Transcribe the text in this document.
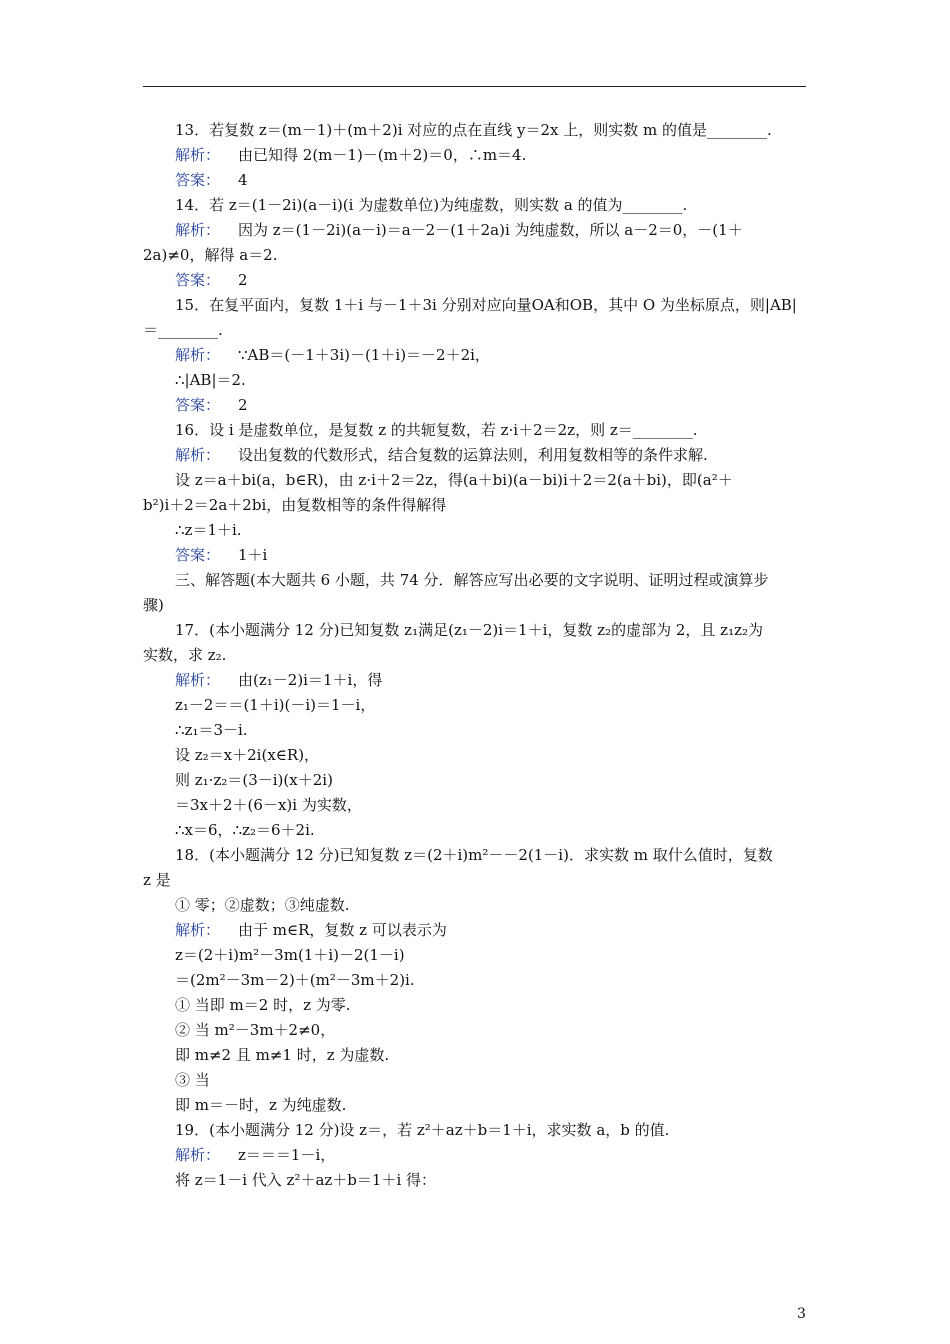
13．若复数 z＝(m－1)＋(m＋2)i 对应的点在直线 y＝2x 上，则实数 m 的值是________.
解析： 由已知得 2(m－1)－(m＋2)＝0，∴m＝4.
答案： 4
14．若 z＝(1－2i)(a－i)(i 为虚数单位)为纯虚数，则实数 a 的值为________.
解析： 因为 z＝(1－2i)(a－i)＝a－2－(1＋2a)i 为纯虚数，所以 a－2＝0，－(1＋
2a)≠0，解得 a＝2.
答案： 2
15．在复平面内，复数 1＋i 与－1＋3i 分别对应向量OA和OB，其中 O 为坐标原点，则|AB|
＝________.
解析： ∵AB＝(－1＋3i)－(1＋i)＝－2＋2i，
∴|AB|＝2.
答案： 2
16．设 i 是虚数单位，是复数 z 的共轭复数，若 z·i＋2＝2z，则 z＝________.
解析： 设出复数的代数形式，结合复数的运算法则，利用复数相等的条件求解.
设 z＝a＋bi(a，b∈R)，由 z·i＋2＝2z，得(a＋bi)(a－bi)i＋2＝2(a＋bi)，即(a²＋
b²)i＋2＝2a＋2bi，由复数相等的条件得解得
∴z＝1＋i.
答案： 1＋i
三、解答题(本大题共 6 小题，共 74 分．解答应写出必要的文字说明、证明过程或演算步
骤)
17．(本小题满分 12 分)已知复数 z₁满足(z₁－2)i＝1＋i，复数 z₂的虚部为 2，且 z₁z₂为
实数，求 z₂.
解析： 由(z₁－2)i＝1＋i，得
z₁－2＝＝(1＋i)(－i)＝1－i，
∴z₁＝3－i.
设 z₂＝x＋2i(x∈R)，
则 z₁·z₂＝(3－i)(x＋2i)
＝3x＋2＋(6－x)i 为实数，
∴x＝6，∴z₂＝6＋2i.
18．(本小题满分 12 分)已知复数 z＝(2＋i)m²－－2(1－i)．求实数 m 取什么值时，复数
z 是
① 零；②虚数；③纯虚数.
解析： 由于 m∈R，复数 z 可以表示为
z＝(2＋i)m²－3m(1＋i)－2(1－i)
＝(2m²－3m－2)＋(m²－3m＋2)i.
① 当即 m＝2 时，z 为零.
② 当 m²－3m＋2≠0，
即 m≠2 且 m≠1 时，z 为虚数.
③ 当
即 m＝－时，z 为纯虚数.
19．(本小题满分 12 分)设 z＝，若 z²＋az＋b＝1＋i，求实数 a，b 的值.
解析： z＝＝＝1－i，
将 z＝1－i 代入 z²＋az＋b＝1＋i 得：
3
